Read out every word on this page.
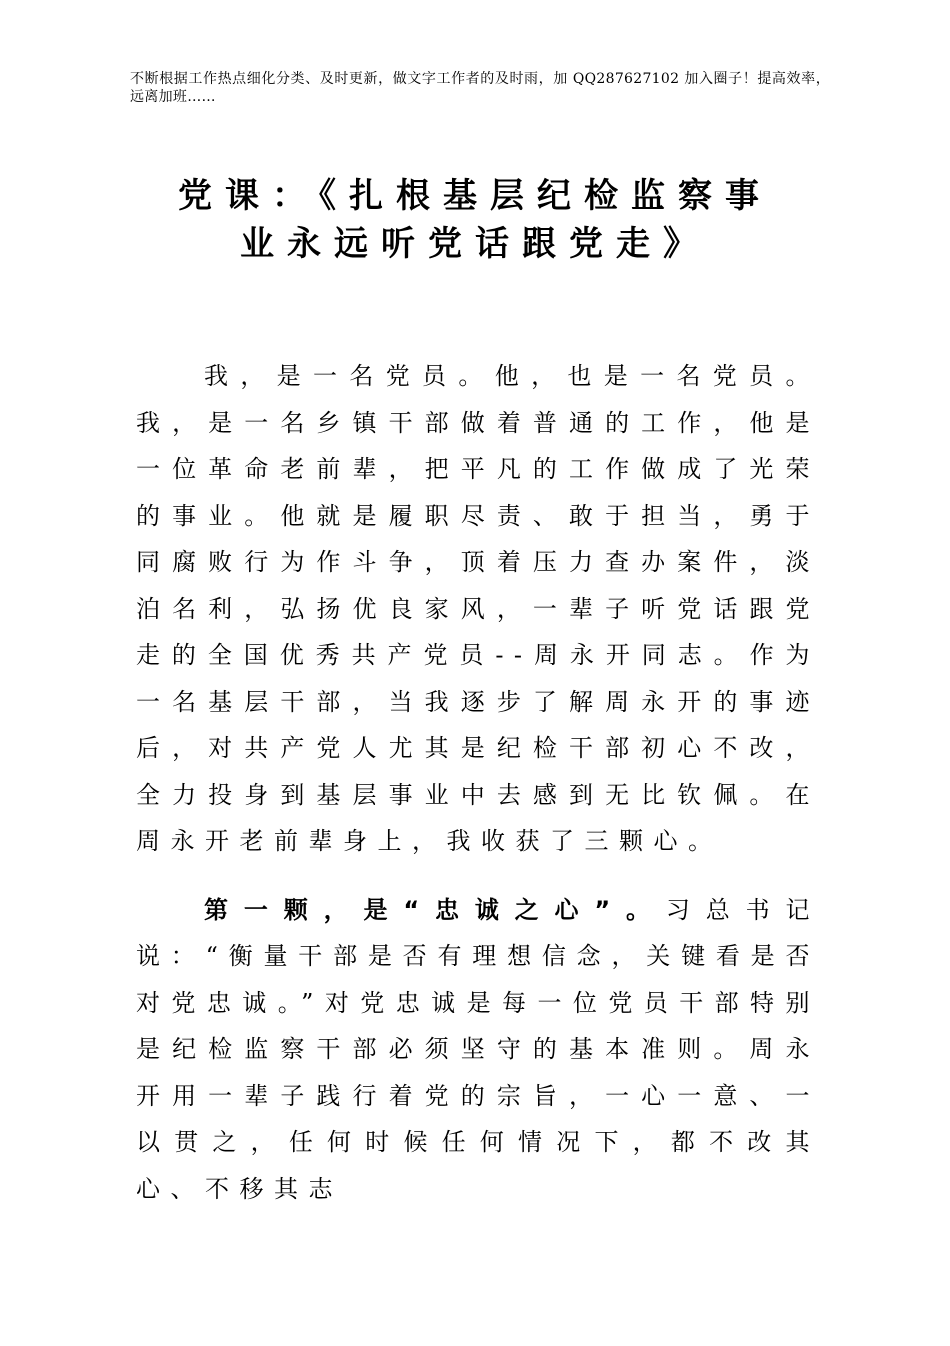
不断根据工作热点细化分类、及时更新，做文字工作者的及时雨，加 QQ287627102 加入圈子！提高效率，远离加班……
党课：《扎根基层纪检监察事
业永远听党话跟党走》

我，是一名党员。他，也是一名党员。我，是一名乡镇干部做着普通的工作，他是一位革命老前辈，把平凡的工作做成了光荣的事业。他就是履职尽责、敢于担当，勇于同腐败行为作斗争，顶着压力查办案件，淡泊名利，弘扬优良家风，一辈子听党话跟党走的全国优秀共产党员--周永开同志。作为一名基层干部，当我逐步了解周永开的事迹后，对共产党人尤其是纪检干部初心不改，全力投身到基层事业中去感到无比钦佩。在周永开老前辈身上，我收获了三颗心。

第一颗，是“忠诚之心”。习总书记说：“衡量干部是否有理想信念，关键看是否对党忠诚。”对党忠诚是每一位党员干部特别是纪检监察干部必须坚守的基本准则。周永开用一辈子践行着党的宗旨，一心一意、一以贯之，任何时候任何情况下，都不改其心、不移其志
